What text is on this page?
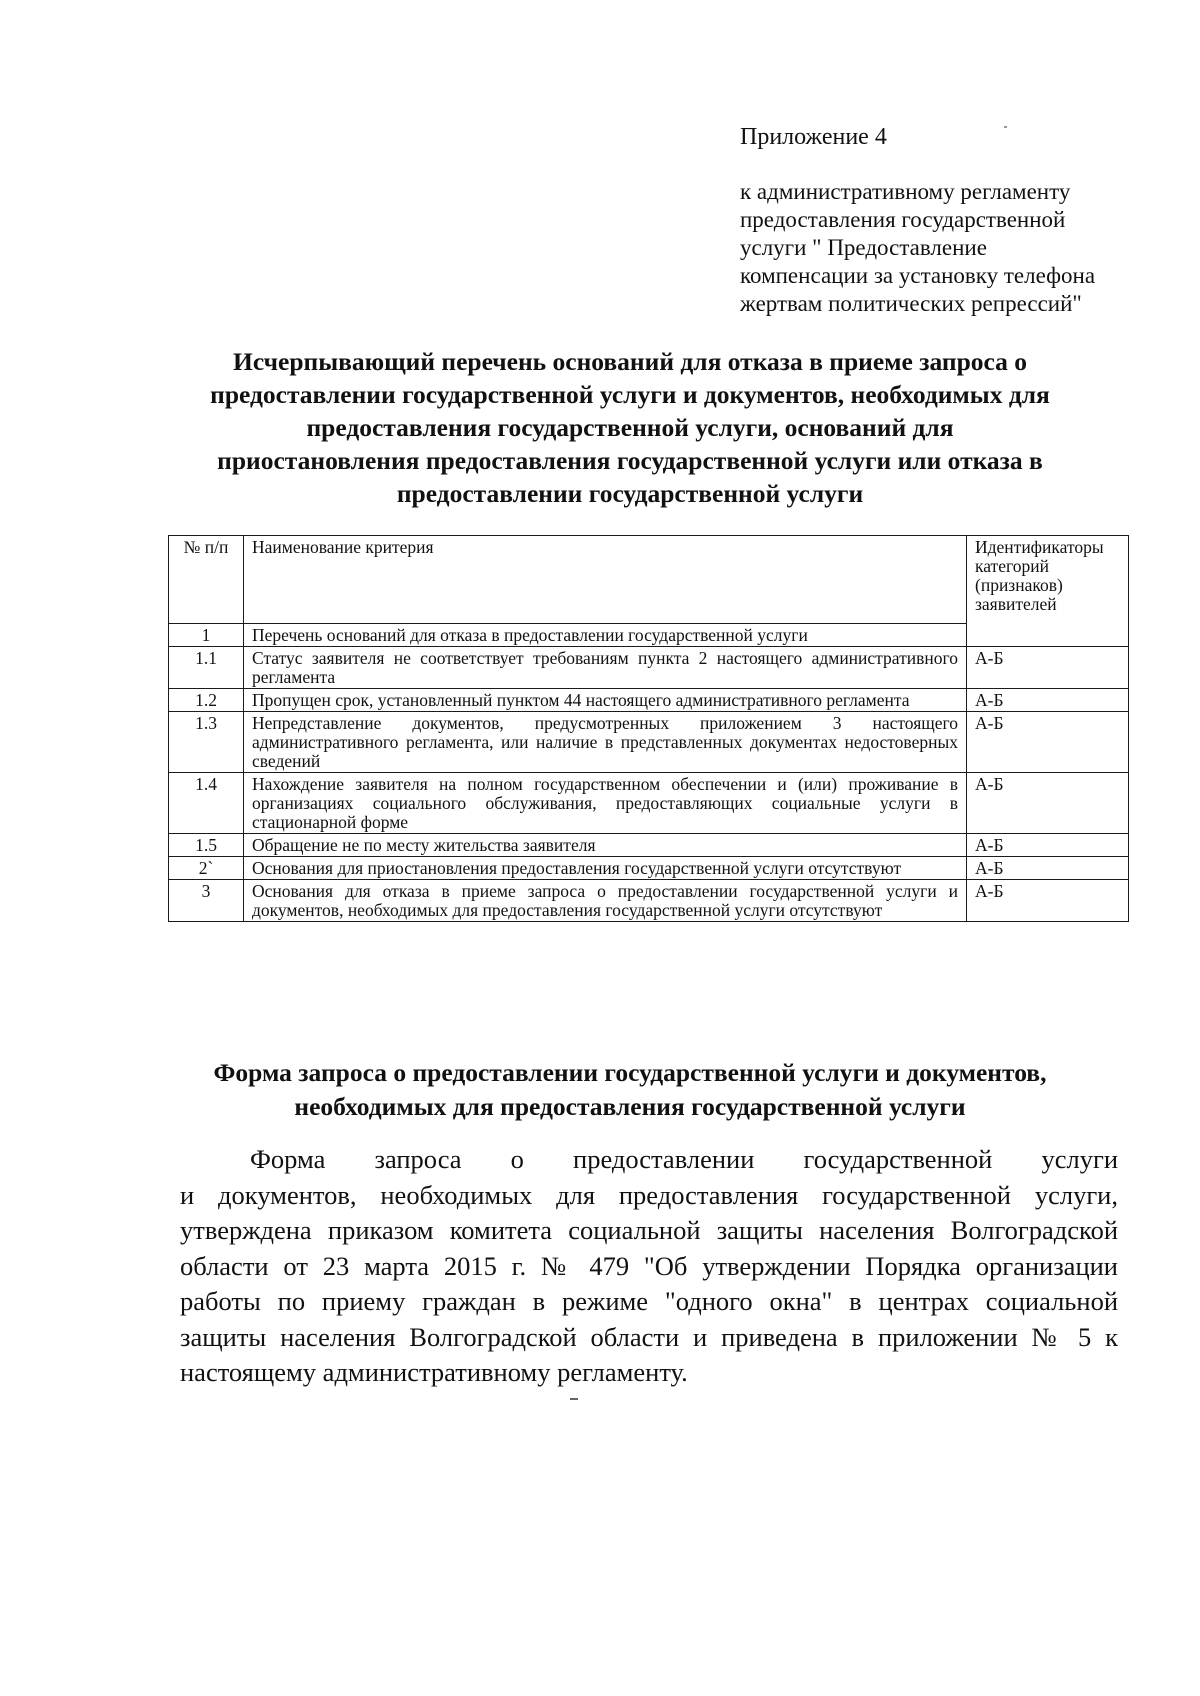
Приложение 4
к административному регламенту
предоставления государственной
услуги " Предоставление
компенсации за установку телефона
жертвам политических репрессий"
Исчерпывающий перечень оснований для отказа в приеме запроса о
предоставлении государственной услуги и документов, необходимых для
предоставления государственной услуги, оснований для
приостановления предоставления государственной услуги или отказа в
предоставлении государственной услуги
№ п/п	Наименование критерия	Идентификаторы категорий (признаков) заявителей
1	Перечень оснований для отказа в предоставлении государственной услуги	
1.1	Статус заявителя не соответствует требованиям пункта 2 настоящего административного регламента	А-Б
1.2	Пропущен срок, установленный пунктом 44 настоящего административного регламента	А-Б
1.3	Непредставление документов, предусмотренных приложением 3 настоящего административного регламента, или наличие в представленных документах недостоверных сведений	А-Б
1.4	Нахождение заявителя на полном государственном обеспечении и (или) проживание в организациях социального обслуживания, предоставляющих социальные услуги в стационарной форме	А-Б
1.5	Обращение не по месту жительства заявителя	А-Б
2`	Основания для приостановления предоставления государственной услуги отсутствуют	А-Б
3	Основания для отказа в приеме запроса о предоставлении государственной услуги и документов, необходимых для предоставления государственной услуги отсутствуют	А-Б
Форма запроса о предоставлении государственной услуги и документов,
необходимых для предоставления государственной услуги
Форма запроса о предоставлении государственной услуги
и документов, необходимых для предоставления государственной услуги,
утверждена приказом комитета социальной защиты населения Волгоградской
области от 23 марта 2015 г. № 479 "Об утверждении Порядка организации
работы по приему граждан в режиме "одного окна" в центрах социальной
защиты населения Волгоградской области и приведена в приложении № 5 к
настоящему административному регламенту.
